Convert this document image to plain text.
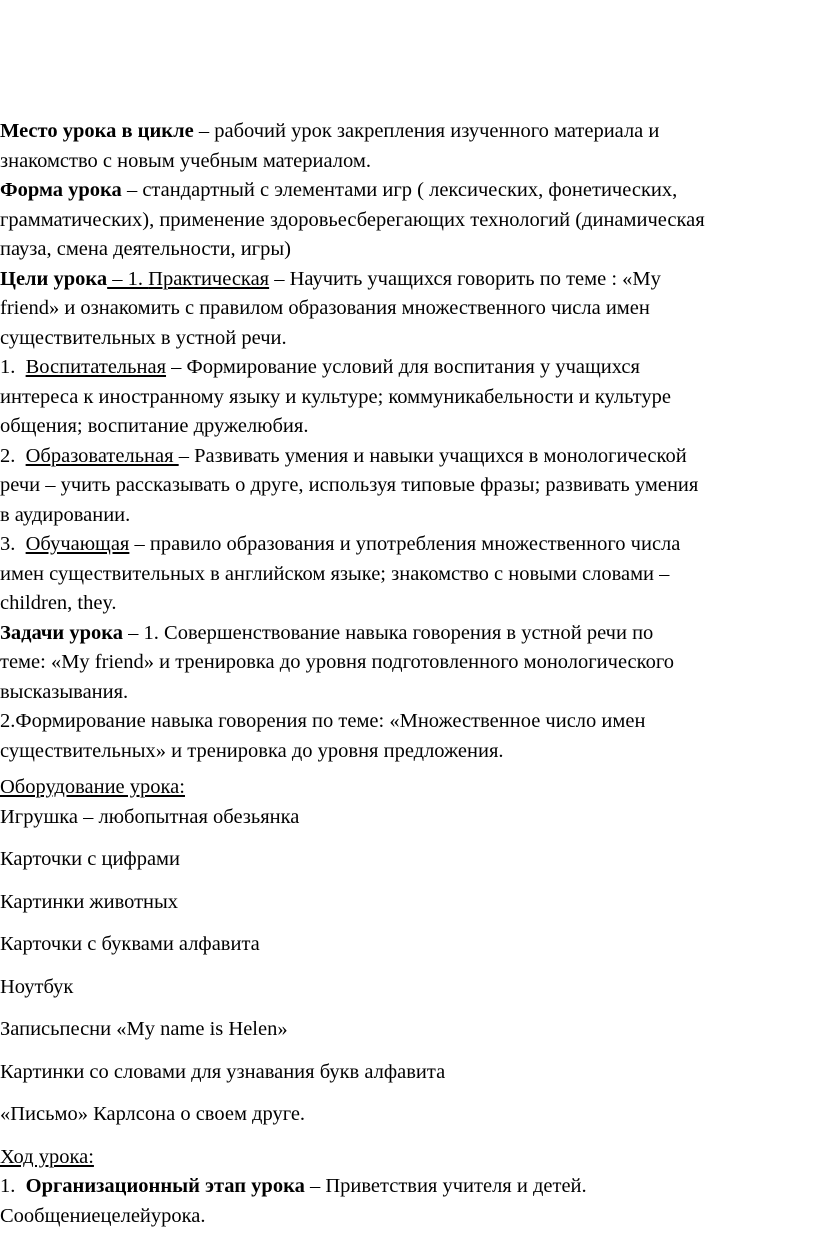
Место урока в цикле – рабочий урок закрепления изученного материала и

знакомство с новым учебным материалом.

Форма урока – стандартный с элементами игр ( лексических, фонетических,

грамматических), применение здоровьесберегающих технологий (динамическая

пауза, смена деятельности, игры)

Цели урока – 1. Практическая – Научить учащихся говорить по теме : «My

friend» и ознакомить с правилом образования множественного числа имен

существительных в устной речи.

1.  Воспитательная – Формирование условий для воспитания у учащихся

интереса к иностранному языку и культуре; коммуникабельности и культуре

общения; воспитание дружелюбия.

2.  Образовательная – Развивать умения и навыки учащихся в монологической

речи – учить рассказывать о друге, используя типовые фразы; развивать умения

в аудировании.

3.  Обучающая – правило образования и употребления множественного числа

имен существительных в английском языке; знакомство с новыми словами –

children, they.

Задачи урока – 1. Совершенствование навыка говорения в устной речи по

теме: «My friend» и тренировка до уровня подготовленного монологического

высказывания.

2.Формирование навыка говорения по теме: «Множественное число имен

существительных» и тренировка до уровня предложения.

Оборудование урока:

Игрушка – любопытная обезьянка

Карточки с цифрами

Картинки животных

Карточки с буквами алфавита

Ноутбук

Записьпесни «My name is Helen»

Картинки со словами для узнавания букв алфавита

«Письмо» Карлсона о своем друге.

Ход урока:

1.  Организационный этап урока – Приветствия учителя и детей.

Сообщениецелейурока.
